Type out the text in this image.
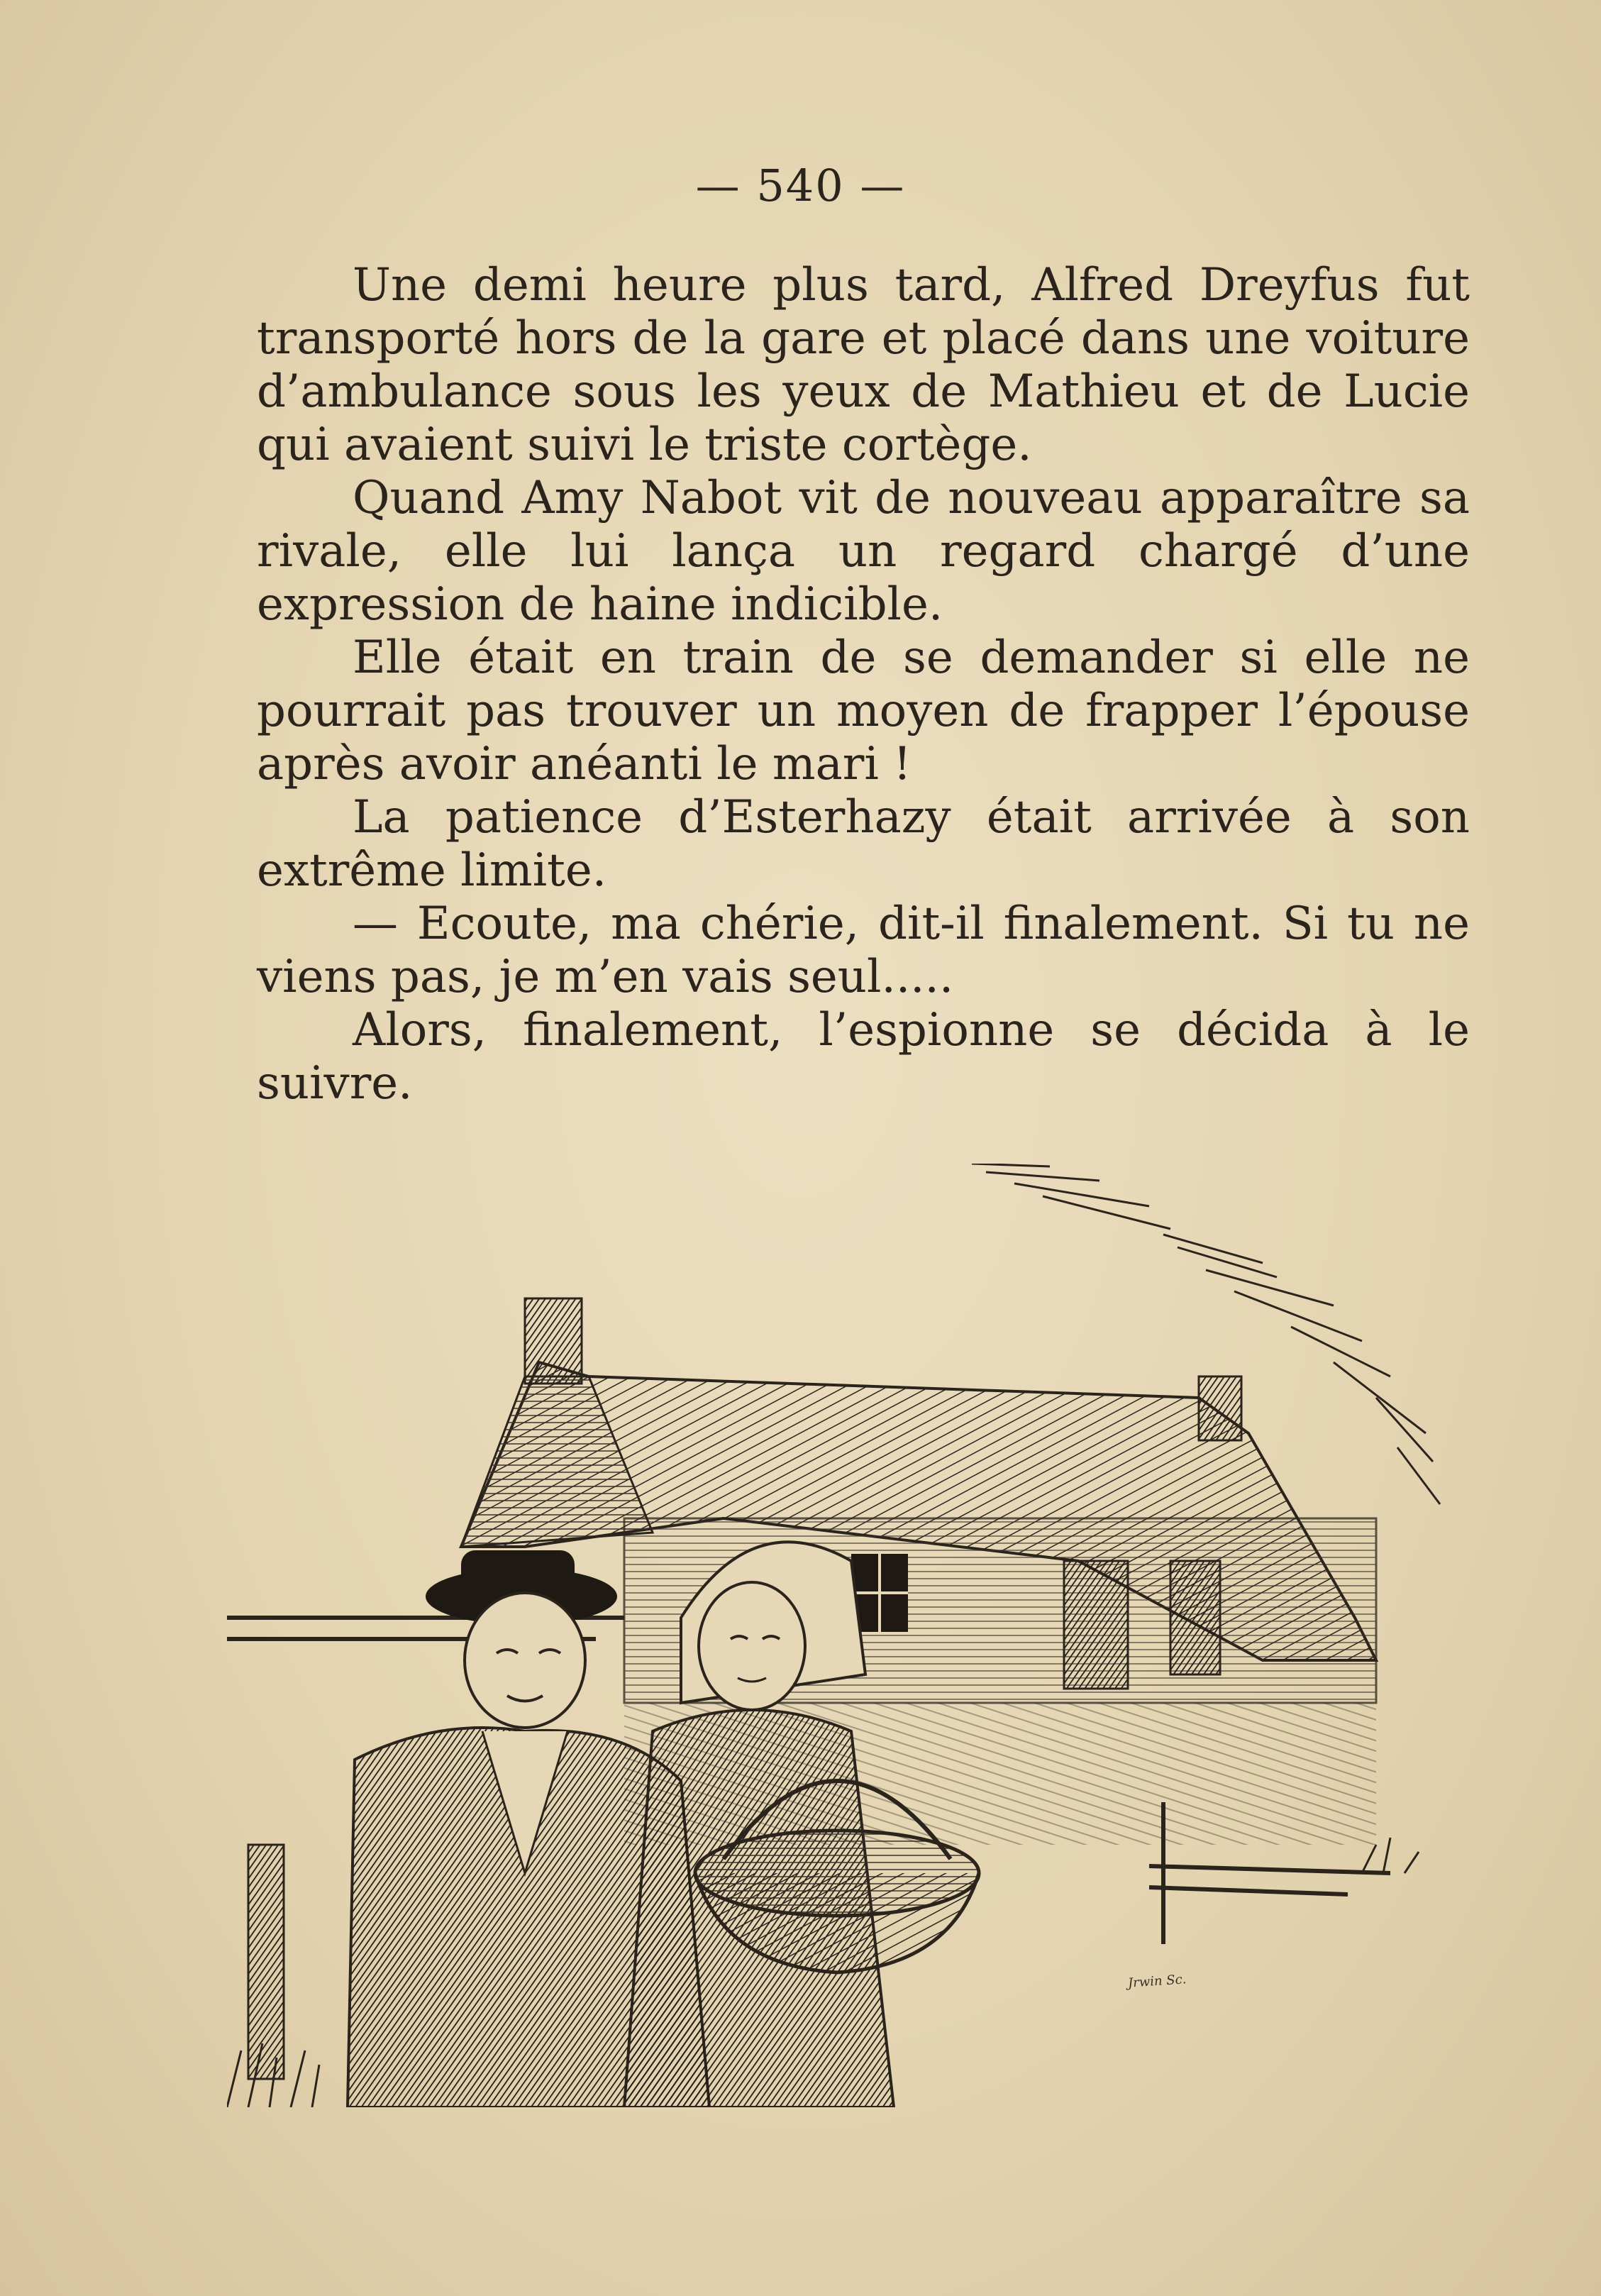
— 540 —

Une demi heure plus tard, Alfred Dreyfus fut transporté hors de la gare et placé dans une voiture d’ambulance sous les yeux de Mathieu et de Lucie qui avaient suivi le triste cortège.

Quand Amy Nabot vit de nouveau apparaître sa rivale, elle lui lança un regard chargé d’une expression de haine indicible.

Elle était en train de se demander si elle ne pourrait pas trouver un moyen de frapper l’épouse après avoir anéanti le mari !

La patience d’Esterhazy était arrivée à son extrême limite.

— Ecoute, ma chérie, dit-il finalement. Si tu ne viens pas, je m’en vais seul.....

Alors, finalement, l’espionne se décida à le suivre.

Jrwin Sc.
